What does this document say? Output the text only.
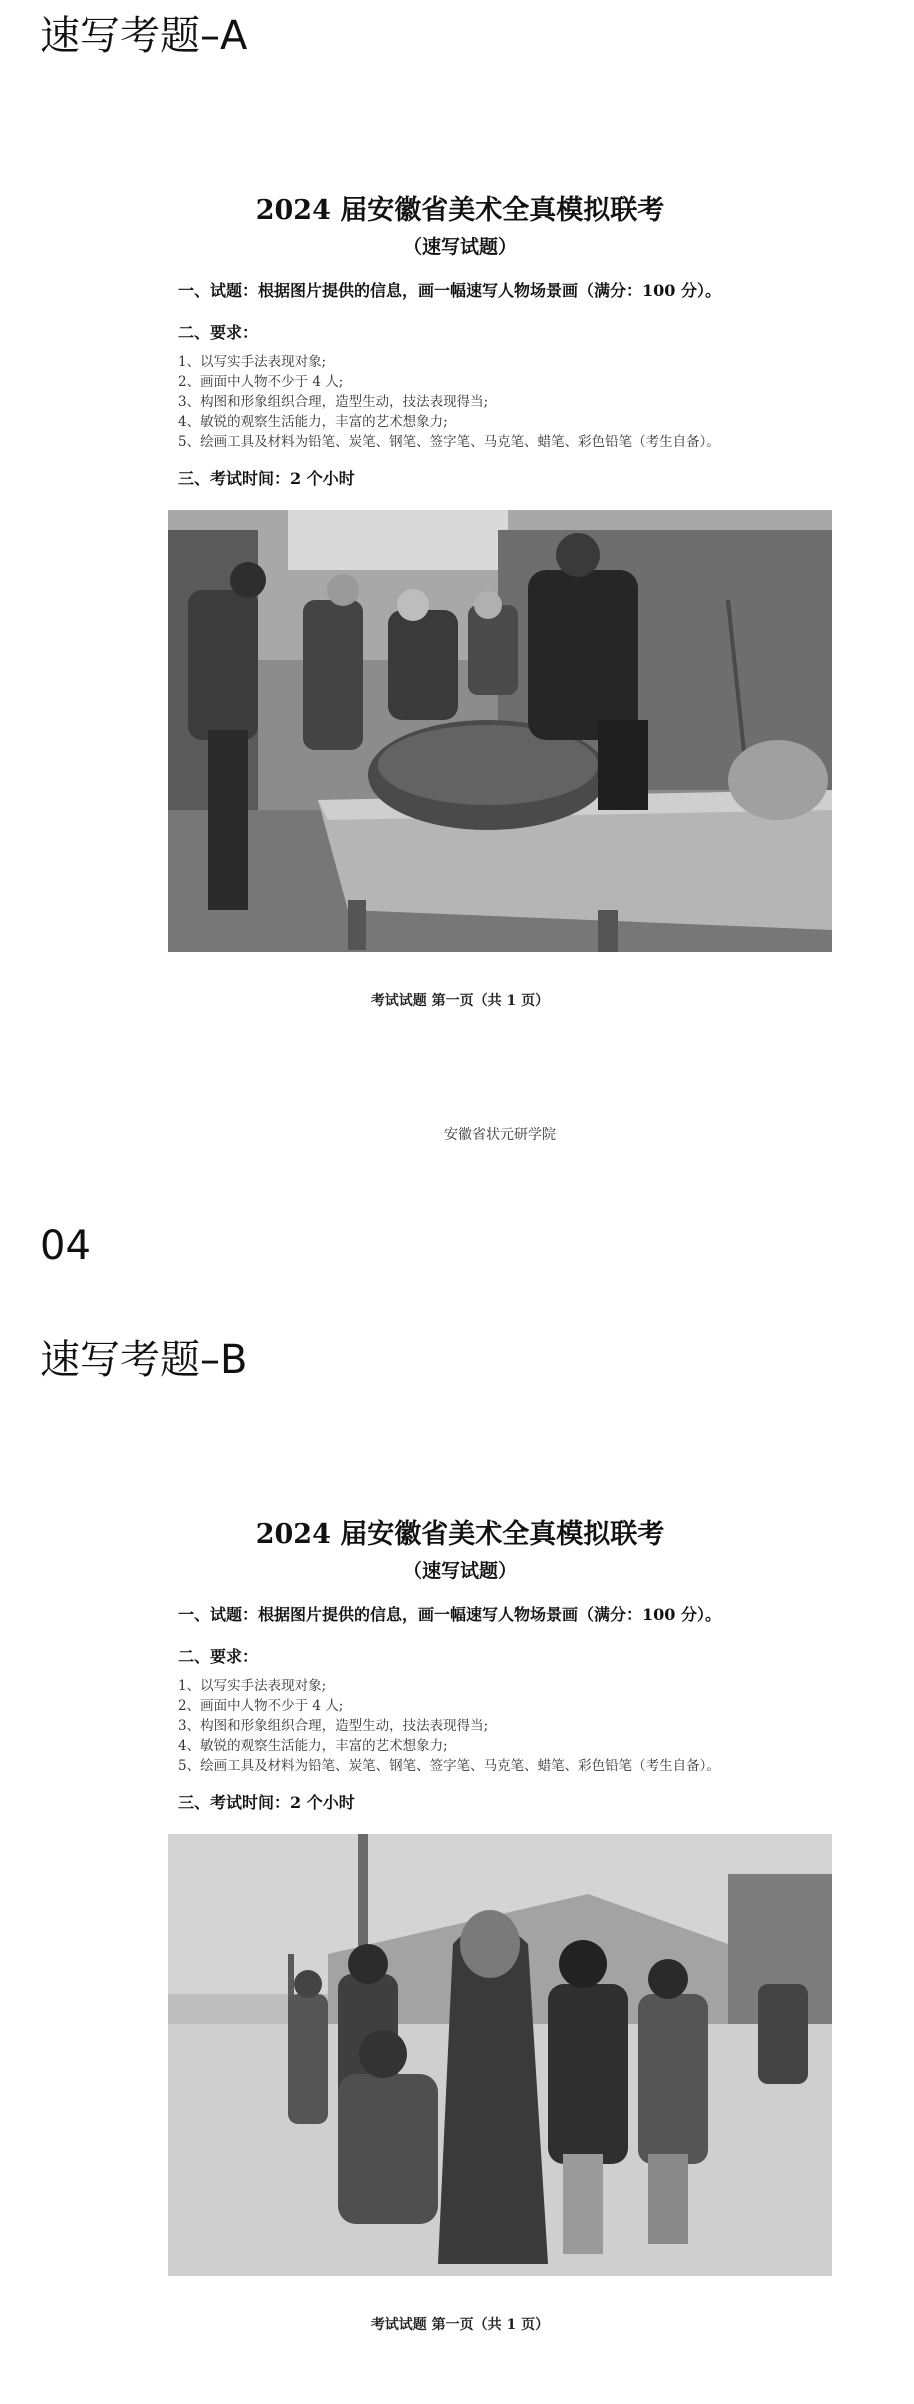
速写考题–A
2024 届安徽省美术全真模拟联考
（速写试题）
一、试题：根据图片提供的信息，画一幅速写人物场景画（满分：100 分）。
二、要求：
1、以写实手法表现对象;
2、画面中人物不少于 4 人;
3、构图和形象组织合理，造型生动，技法表现得当;
4、敏锐的观察生活能力，丰富的艺术想象力;
5、绘画工具及材料为铅笔、炭笔、钢笔、签字笔、马克笔、蜡笔、彩色铅笔（考生自备）。
三、考试时间：2 个小时
考试试题 第一页（共 1 页）
安徽省状元研学院
04
速写考题–B
2024 届安徽省美术全真模拟联考
（速写试题）
一、试题：根据图片提供的信息，画一幅速写人物场景画（满分：100 分）。
二、要求：
1、以写实手法表现对象;
2、画面中人物不少于 4 人;
3、构图和形象组织合理，造型生动，技法表现得当;
4、敏锐的观察生活能力，丰富的艺术想象力;
5、绘画工具及材料为铅笔、炭笔、钢笔、签字笔、马克笔、蜡笔、彩色铅笔（考生自备）。
三、考试时间：2 个小时
考试试题 第一页（共 1 页）
